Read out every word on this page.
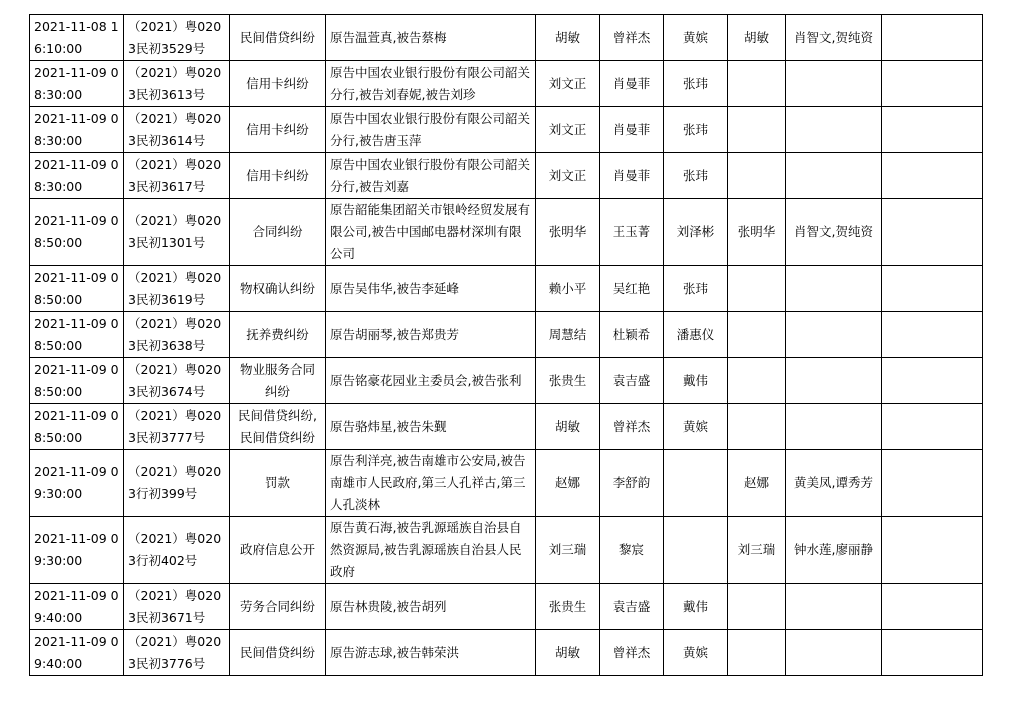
2021-11-08 16:10:00	（2021）粤0203民初3529号	民间借贷纠纷	原告温萱真,被告蔡梅	胡敏	曾祥杰	黄嫔	胡敏	肖智文,贺纯资	
2021-11-09 08:30:00	（2021）粤0203民初3613号	信用卡纠纷	原告中国农业银行股份有限公司韶关分行,被告刘春妮,被告刘珍	刘文正	肖曼菲	张玮			
2021-11-09 08:30:00	（2021）粤0203民初3614号	信用卡纠纷	原告中国农业银行股份有限公司韶关分行,被告唐玉萍	刘文正	肖曼菲	张玮			
2021-11-09 08:30:00	（2021）粤0203民初3617号	信用卡纠纷	原告中国农业银行股份有限公司韶关分行,被告刘嘉	刘文正	肖曼菲	张玮			
2021-11-09 08:50:00	（2021）粤0203民初1301号	合同纠纷	原告韶能集团韶关市银岭经贸发展有限公司,被告中国邮电器材深圳有限公司	张明华	王玉菁	刘泽彬	张明华	肖智文,贺纯资	
2021-11-09 08:50:00	（2021）粤0203民初3619号	物权确认纠纷	原告吴伟华,被告李延峰	赖小平	吴红艳	张玮			
2021-11-09 08:50:00	（2021）粤0203民初3638号	抚养费纠纷	原告胡丽琴,被告郑贵芳	周慧结	杜颖希	潘惠仪			
2021-11-09 08:50:00	（2021）粤0203民初3674号	物业服务合同纠纷	原告铭豪花园业主委员会,被告张利	张贵生	袁吉盛	戴伟			
2021-11-09 08:50:00	（2021）粤0203民初3777号	民间借贷纠纷,民间借贷纠纷	原告骆炜星,被告朱觐	胡敏	曾祥杰	黄嫔			
2021-11-09 09:30:00	（2021）粤0203行初399号	罚款	原告利洋亮,被告南雄市公安局,被告南雄市人民政府,第三人孔祥古,第三人孔淡林	赵娜	李舒韵		赵娜	黄美凤,谭秀芳	
2021-11-09 09:30:00	（2021）粤0203行初402号	政府信息公开	原告黄石海,被告乳源瑶族自治县自然资源局,被告乳源瑶族自治县人民政府	刘三瑞	黎宸		刘三瑞	钟水莲,廖丽静	
2021-11-09 09:40:00	（2021）粤0203民初3671号	劳务合同纠纷	原告林贵陵,被告胡列	张贵生	袁吉盛	戴伟			
2021-11-09 09:40:00	（2021）粤0203民初3776号	民间借贷纠纷	原告游志球,被告韩荣洪	胡敏	曾祥杰	黄嫔			
